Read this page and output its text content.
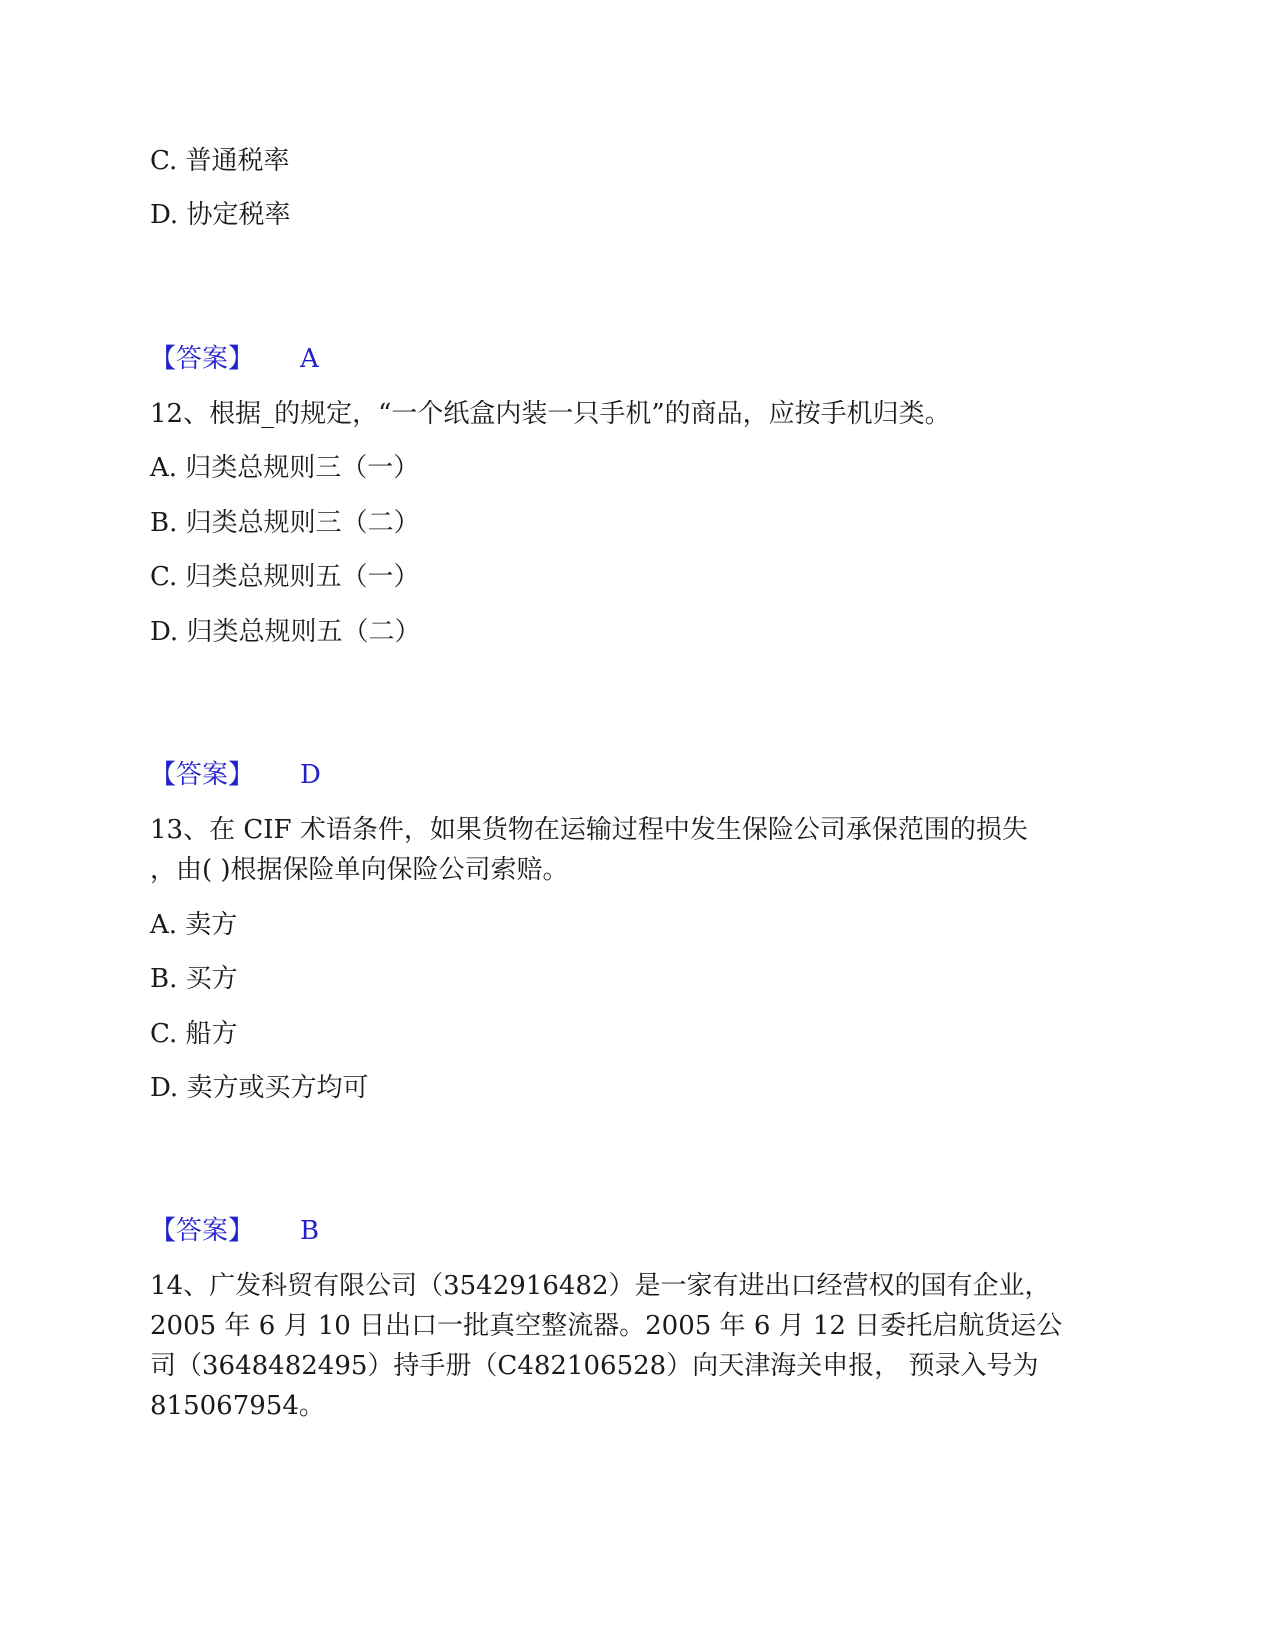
C. 普通税率
D. 协定税率
【答案】 A
12、根据_的规定，“一个纸盒内装一只手机”的商品，应按手机归类。
A. 归类总规则三（一）
B. 归类总规则三（二）
C. 归类总规则五（一）
D. 归类总规则五（二）
【答案】 D
13、在 CIF 术语条件，如果货物在运输过程中发生保险公司承保范围的损失
，由( )根据保险单向保险公司索赔。
A. 卖方
B. 买方
C. 船方
D. 卖方或买方均可
【答案】 B
14、广发科贸有限公司（3542916482）是一家有进出口经营权的国有企业，
2005 年 6 月 10 日出口一批真空整流器。2005 年 6 月 12 日委托启航货运公
司（3648482495）持手册（C482106528）向天津海关申报， 预录入号为
815067954。
